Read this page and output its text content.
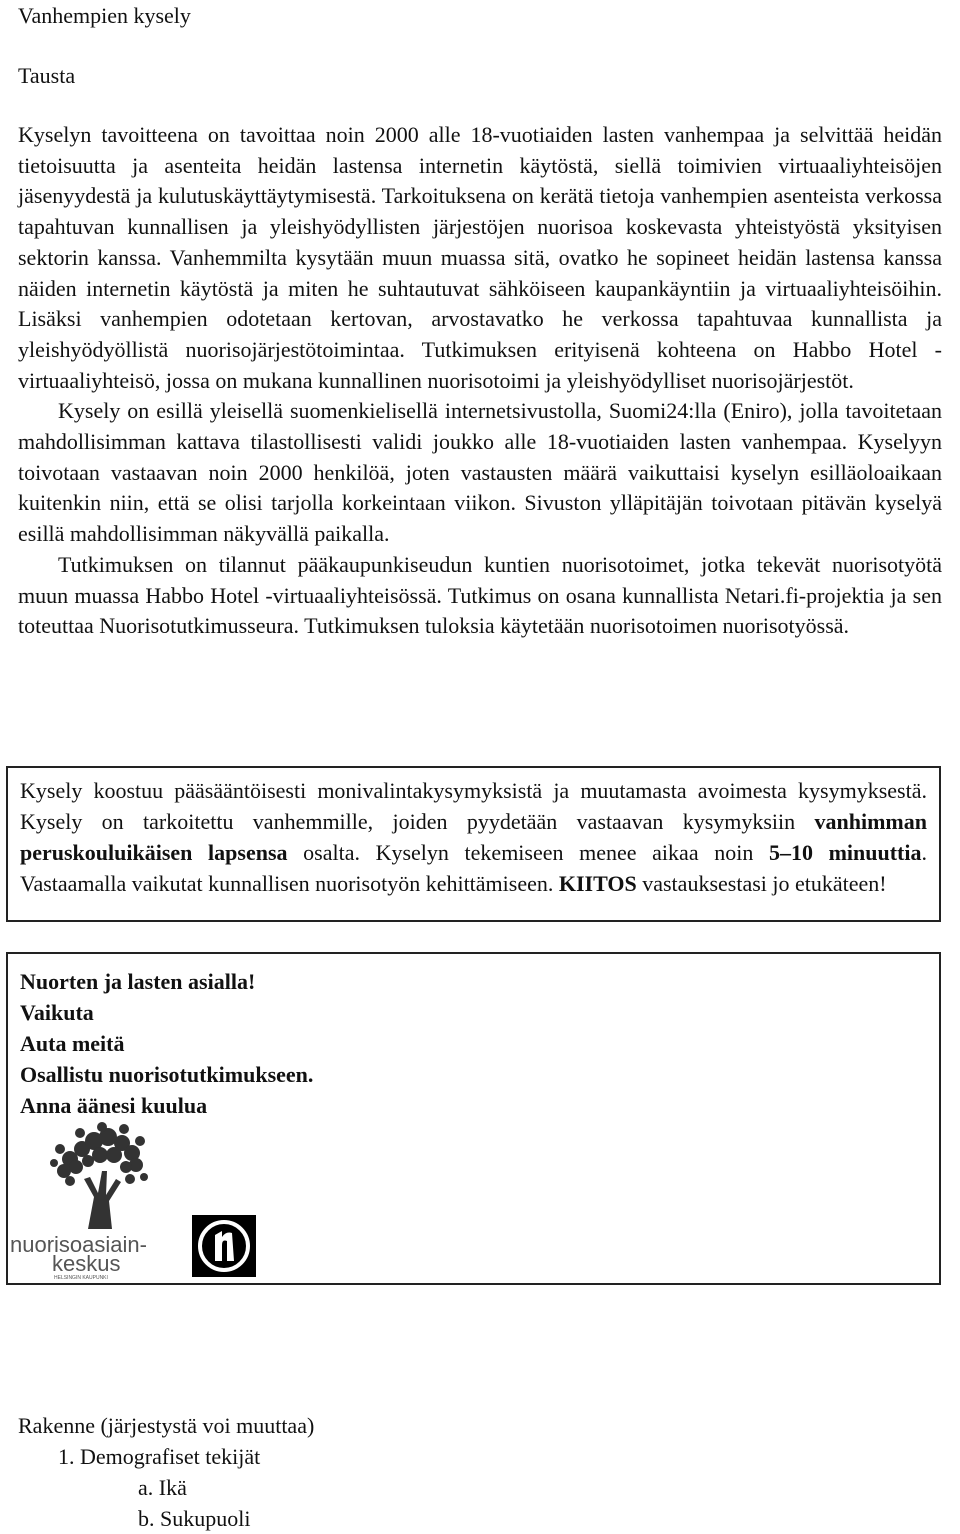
Vanhempien kysely
Tausta

Kyselyn tavoitteena on tavoittaa noin 2000 alle 18-vuotiaiden lasten vanhempaa ja selvittää heidän tietoisuutta ja asenteita heidän lastensa internetin käytöstä, siellä toimivien virtuaaliyhteisöjen jäsenyydestä ja kulutuskäyttäytymisestä. Tarkoituksena on kerätä tietoja vanhempien asenteista verkossa tapahtuvan kunnallisen ja yleishyödyllisten järjestöjen nuorisoa koskevasta yhteistyöstä yksityisen sektorin kanssa. Vanhemmilta kysytään muun muassa sitä, ovatko he sopineet heidän lastensa kanssa näiden internetin käytöstä ja miten he suhtautuvat sähköiseen kaupankäyntiin ja virtuaaliyhteisöihin. Lisäksi vanhempien odotetaan kertovan, arvostavatko he verkossa tapahtuvaa kunnallista ja yleishyödyöllistä nuorisojärjestötoimintaa. Tutkimuksen erityisenä kohteena on Habbo Hotel -virtuaaliyhteisö, jossa on mukana kunnallinen nuorisotoimi ja yleishyödylliset nuorisojärjestöt.

Kysely on esillä yleisellä suomenkielisellä internetsivustolla, Suomi24:lla (Eniro), jolla tavoitetaan mahdollisimman kattava tilastollisesti validi joukko alle 18-vuotiaiden lasten vanhempaa. Kyselyyn toivotaan vastaavan noin 2000 henkilöä, joten vastausten määrä vaikuttaisi kyselyn esilläoloaikaan kuitenkin niin, että se olisi tarjolla korkeintaan viikon. Sivuston ylläpitäjän toivotaan pitävän kyselyä esillä mahdollisimman näkyvällä paikalla.

Tutkimuksen on tilannut pääkaupunkiseudun kuntien nuorisotoimet, jotka tekevät nuorisotyötä muun muassa Habbo Hotel -virtuaaliyhteisössä. Tutkimus on osana kunnallista Netari.fi-projektia ja sen toteuttaa Nuorisotutkimusseura. Tutkimuksen tuloksia käytetään nuorisotoimen nuorisotyössä.

Kysely koostuu pääsääntöisesti monivalintakysymyksistä ja muutamasta avoimesta kysymyksestä. Kysely on tarkoitettu vanhemmille, joiden pyydetään vastaavan kysymyksiin vanhimman peruskouluikäisen lapsensa osalta. Kyselyn tekemiseen menee aikaa noin 5–10 minuuttia. Vastaamalla vaikutat kunnallisen nuorisotyön kehittämiseen. KIITOS vastauksestasi jo etukäteen!
Nuorten ja lasten asialla!
Vaikuta
Auta meitä
Osallistu nuorisotutkimukseen.
Anna äänesi kuulua
nuorisoasiain-
keskus
HELSINGIN KAUPUNKI
Rakenne (järjestystä voi muuttaa)
1. Demografiset tekijät
a. Ikä
b. Sukupuoli
